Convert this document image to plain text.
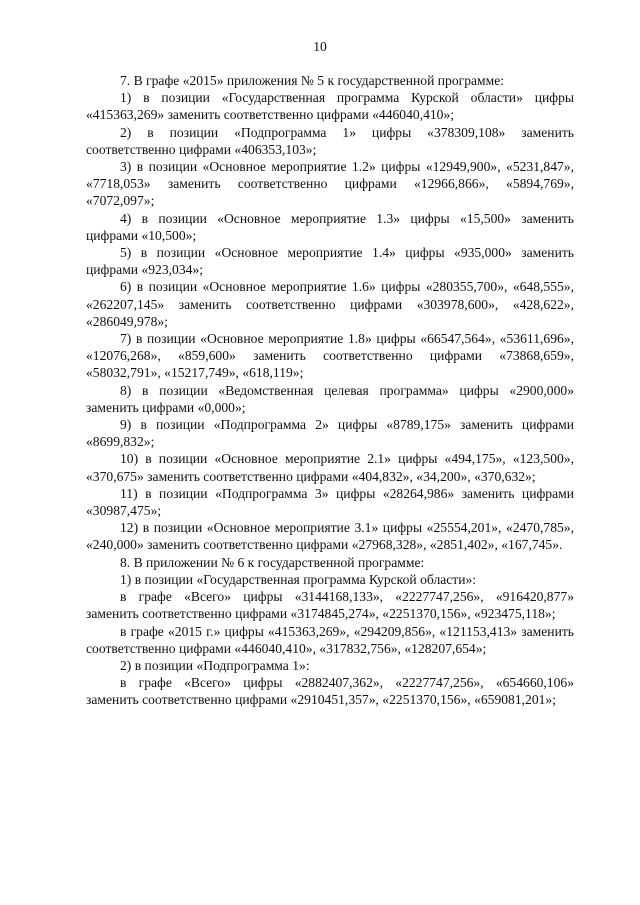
10

7. В графе «2015» приложения № 5 к государственной программе:

1) в позиции «Государственная программа Курской области» цифры «415363,269» заменить соответственно цифрами «446040,410»;

2) в позиции «Подпрограмма 1» цифры «378309,108» заменить соответственно цифрами «406353,103»;

3) в позиции «Основное мероприятие 1.2» цифры «12949,900», «5231,847», «7718,053» заменить соответственно цифрами «12966,866», «5894,769», «7072,097»;

4) в позиции «Основное мероприятие 1.3» цифры «15,500» заменить цифрами «10,500»;

5) в позиции «Основное мероприятие 1.4» цифры «935,000» заменить цифрами «923,034»;

6) в позиции «Основное мероприятие 1.6» цифры «280355,700», «648,555», «262207,145» заменить соответственно цифрами «303978,600», «428,622», «286049,978»;

7) в позиции «Основное мероприятие 1.8» цифры «66547,564», «53611,696», «12076,268», «859,600» заменить соответственно цифрами «73868,659», «58032,791», «15217,749», «618,119»;

8) в позиции «Ведомственная целевая программа» цифры «2900,000» заменить цифрами «0,000»;

9) в позиции «Подпрограмма 2» цифры «8789,175» заменить цифрами «8699,832»;

10) в позиции «Основное мероприятие 2.1» цифры «494,175», «123,500», «370,675» заменить соответственно цифрами «404,832», «34,200», «370,632»;

11) в позиции «Подпрограмма 3» цифры «28264,986» заменить цифрами «30987,475»;

12) в позиции «Основное мероприятие 3.1» цифры «25554,201», «2470,785», «240,000» заменить соответственно цифрами «27968,328», «2851,402», «167,745».

8. В приложении № 6 к государственной программе:

1) в позиции «Государственная программа Курской области»:

в графе «Всего» цифры «3144168,133», «2227747,256», «916420,877» заменить соответственно цифрами «3174845,274», «2251370,156», «923475,118»;

в графе «2015 г.» цифры «415363,269», «294209,856», «121153,413» заменить соответственно цифрами «446040,410», «317832,756», «128207,654»;

2) в позиции «Подпрограмма 1»:

в графе «Всего» цифры «2882407,362», «2227747,256», «654660,106» заменить соответственно цифрами «2910451,357», «2251370,156», «659081,201»;
